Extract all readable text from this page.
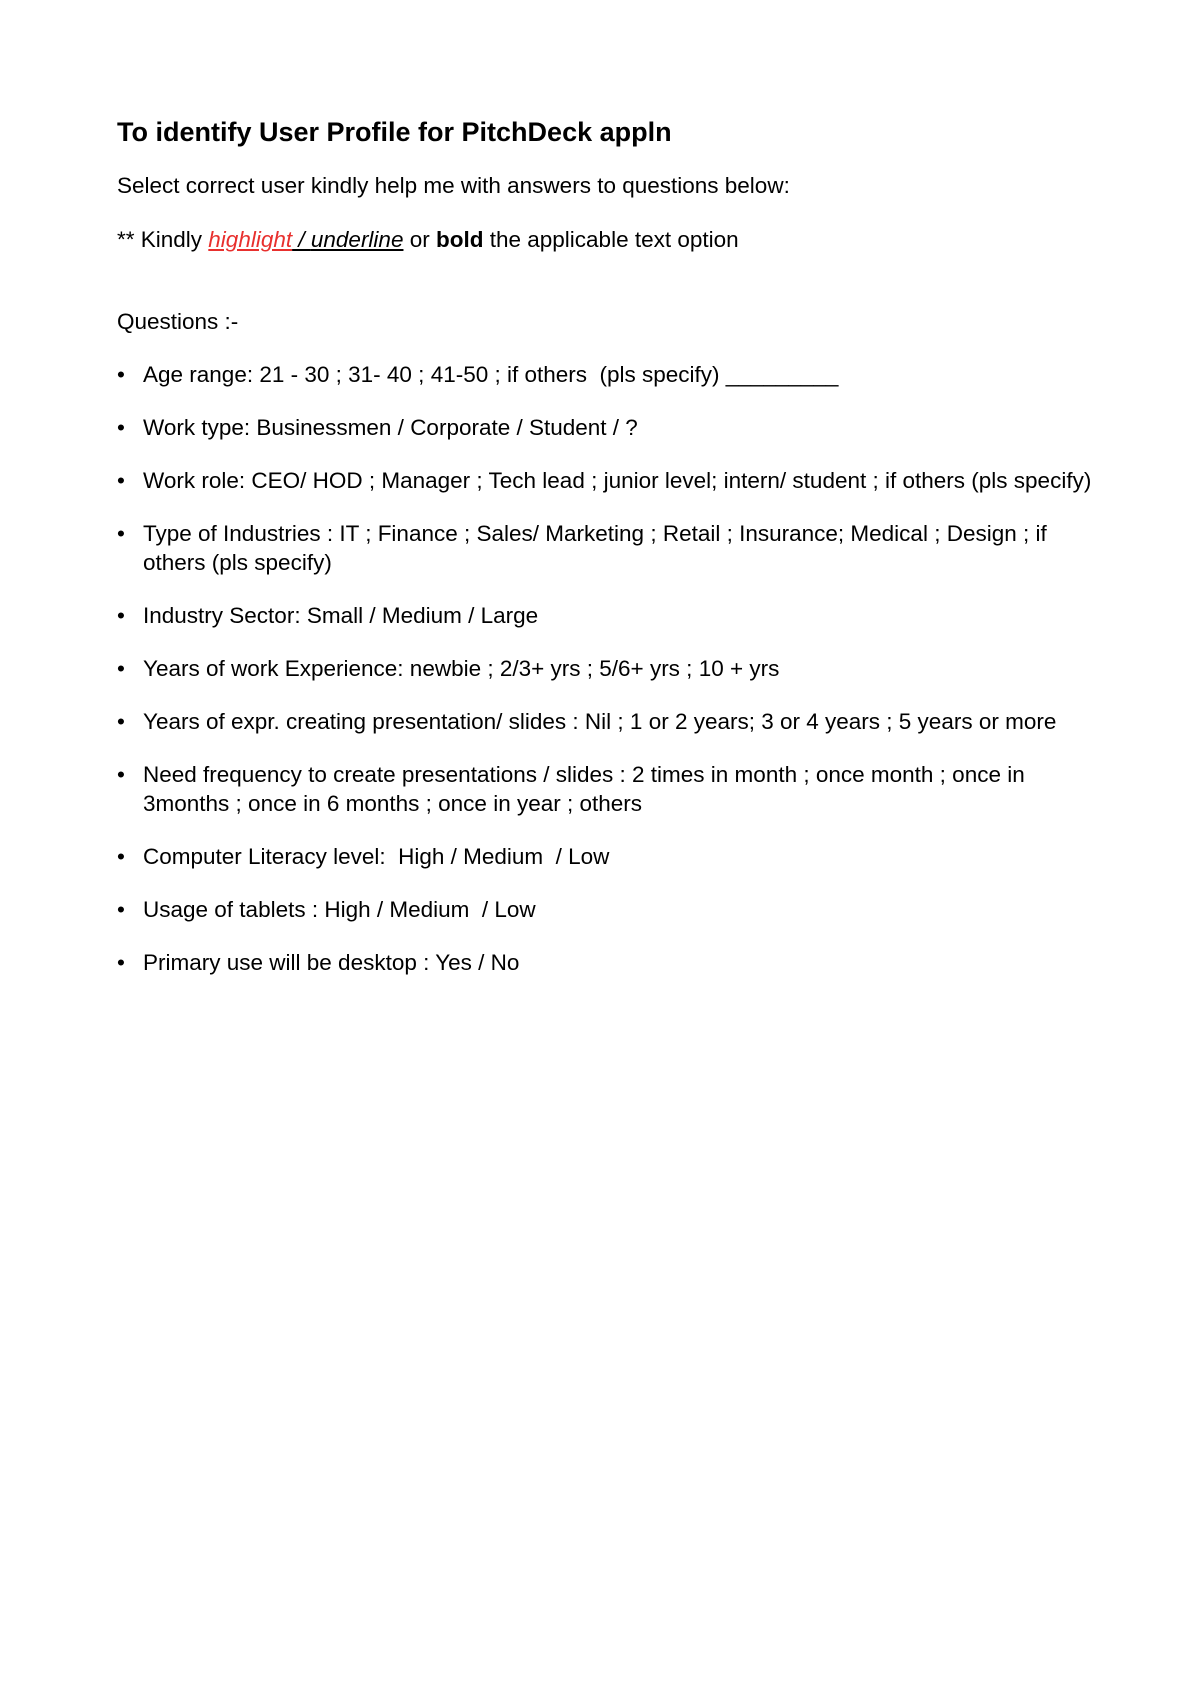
To identify User Profile for PitchDeck appln
Select correct user kindly help me with answers to questions below:
** Kindly highlight / underline or bold the applicable text option
Questions :-
• Age range: 21 - 30 ; 31- 40 ; 41-50 ; if others  (pls specify) _________
• Work type: Businessmen / Corporate / Student / ?
• Work role: CEO/ HOD ; Manager ; Tech lead ; junior level; intern/ student ; if others (pls specify)
• Type of Industries : IT ; Finance ; Sales/ Marketing ; Retail ; Insurance; Medical ; Design ; if others (pls specify)
• Industry Sector: Small / Medium / Large
• Years of work Experience: newbie ; 2/3+ yrs ; 5/6+ yrs ; 10 + yrs
• Years of expr. creating presentation/ slides : Nil ; 1 or 2 years; 3 or 4 years ; 5 years or more
• Need frequency to create presentations / slides : 2 times in month ; once month ; once in 3months ; once in 6 months ; once in year ; others
• Computer Literacy level:  High / Medium  / Low
• Usage of tablets : High / Medium  / Low
• Primary use will be desktop : Yes / No
